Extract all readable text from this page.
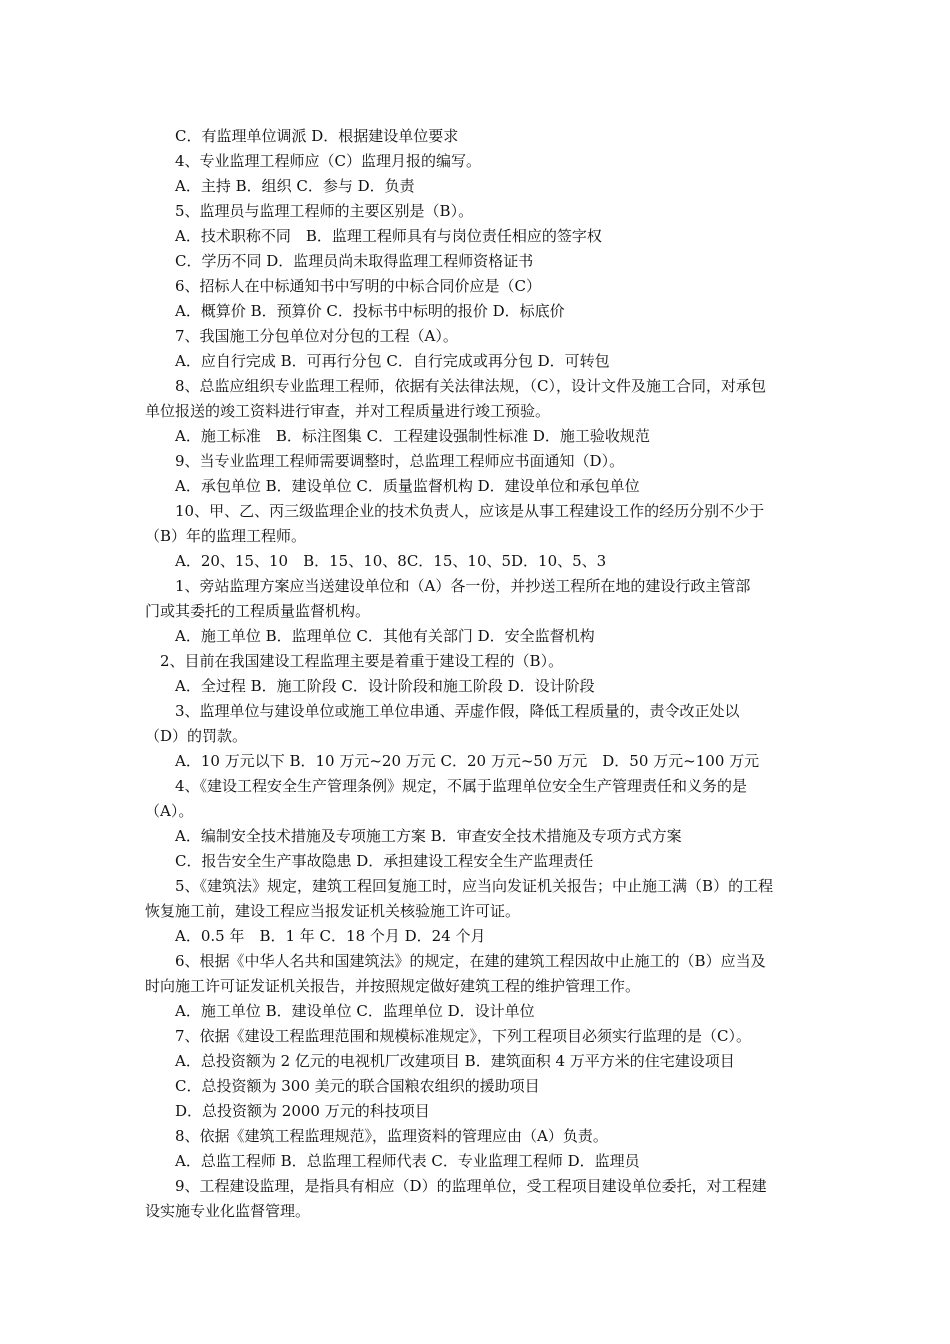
C．有监理单位调派 D．根据建设单位要求
4、专业监理工程师应（C）监理月报的编写。
A．主持 B．组织 C．参与 D．负责
5、监理员与监理工程师的主要区别是（B）。
A．技术职称不同　B．监理工程师具有与岗位责任相应的签字权
C．学历不同 D．监理员尚未取得监理工程师资格证书
6、招标人在中标通知书中写明的中标合同价应是（C）
A．概算价 B．预算价 C．投标书中标明的报价 D．标底价
7、我国施工分包单位对分包的工程（A）。
A．应自行完成 B．可再行分包 C．自行完成或再分包 D．可转包
8、总监应组织专业监理工程师，依据有关法律法规，（C），设计文件及施工合同，对承包
单位报送的竣工资料进行审查，并对工程质量进行竣工预验。
A．施工标准　B．标注图集 C．工程建设强制性标准 D．施工验收规范
9、当专业监理工程师需要调整时，总监理工程师应书面通知（D）。
A．承包单位 B．建设单位 C．质量监督机构 D．建设单位和承包单位
10、甲、乙、丙三级监理企业的技术负责人，应该是从事工程建设工作的经历分别不少于
（B）年的监理工程师。
A．20、15、10　B．15、10、8C．15、10、5D．10、5、3
1、旁站监理方案应当送建设单位和（A）各一份，并抄送工程所在地的建设行政主管部
门或其委托的工程质量监督机构。
A．施工单位 B．监理单位 C．其他有关部门 D．安全监督机构
2、目前在我国建设工程监理主要是着重于建设工程的（B）。
A．全过程 B．施工阶段 C．设计阶段和施工阶段 D．设计阶段
3、监理单位与建设单位或施工单位串通、弄虚作假，降低工程质量的，责令改正处以
（D）的罚款。
A．10 万元以下 B．10 万元~20 万元 C．20 万元~50 万元　D．50 万元~100 万元
4、《建设工程安全生产管理条例》规定，不属于监理单位安全生产管理责任和义务的是
（A）。
A．编制安全技术措施及专项施工方案 B．审查安全技术措施及专项方式方案
C．报告安全生产事故隐患 D．承担建设工程安全生产监理责任
5、《建筑法》规定，建筑工程回复施工时，应当向发证机关报告；中止施工满（B）的工程
恢复施工前，建设工程应当报发证机关核验施工许可证。
A．0.5 年　B．1 年 C．18 个月 D．24 个月
6、根据《中华人名共和国建筑法》的规定，在建的建筑工程因故中止施工的（B）应当及
时向施工许可证发证机关报告，并按照规定做好建筑工程的维护管理工作。
A．施工单位 B．建设单位 C．监理单位 D．设计单位
7、依据《建设工程监理范围和规模标准规定》，下列工程项目必须实行监理的是（C）。
A．总投资额为 2 亿元的电视机厂改建项目 B．建筑面积 4 万平方米的住宅建设项目
C．总投资额为 300 美元的联合国粮农组织的援助项目
D．总投资额为 2000 万元的科技项目
8、依据《建筑工程监理规范》，监理资料的管理应由（A）负责。
A．总监工程师 B．总监理工程师代表 C．专业监理工程师 D．监理员
9、工程建设监理，是指具有相应（D）的监理单位，受工程项目建设单位委托，对工程建
设实施专业化监督管理。
